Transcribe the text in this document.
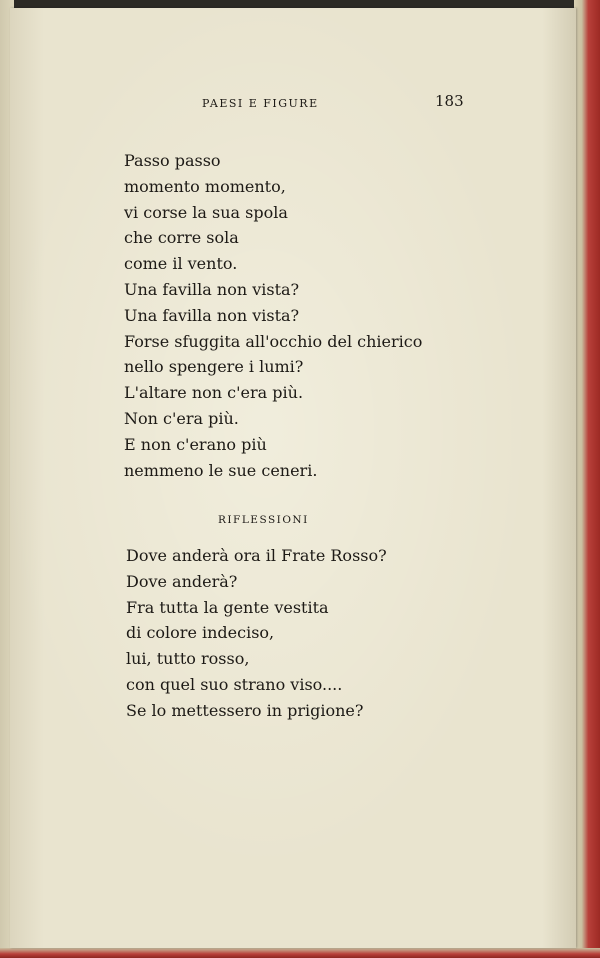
PAESI E FIGURE	183

Passo passo
momento momento,
vi corse la sua spola
che corre sola
come il vento.
Una favilla non vista?
Una favilla non vista?
Forse sfuggita all'occhio del chierico
nello spengere i lumi?
L'altare non c'era più.
Non c'era più.
E non c'erano più
nemmeno le sue ceneri.
RIFLESSIONI
Dove anderà ora il Frate Rosso?
Dove anderà?
Fra tutta la gente vestita
di colore indeciso,
lui, tutto rosso,
con quel suo strano viso....
Se lo mettessero in prigione?
